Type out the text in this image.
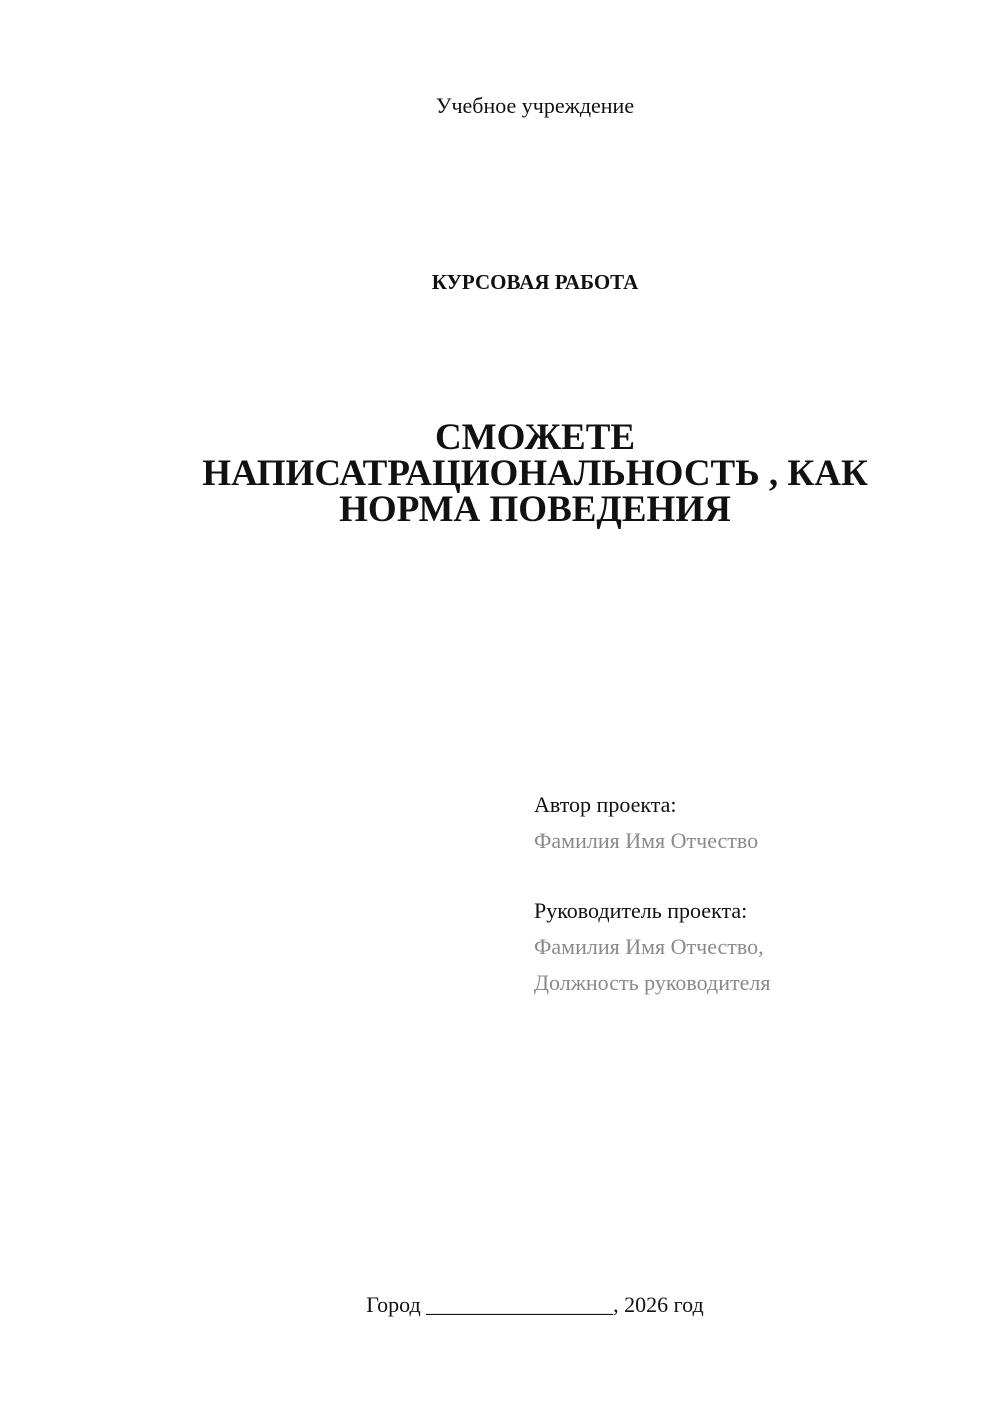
Учебное учреждение
КУРСОВАЯ РАБОТА
СМОЖЕТЕ
НАПИСАТРАЦИОНАЛЬНОСТЬ , КАК
НОРМА ПОВЕДЕНИЯ
Автор проекта:
Фамилия Имя Отчество
Руководитель проекта:
Фамилия Имя Отчество,
Должность руководителя
Город _________________, 2026 год
